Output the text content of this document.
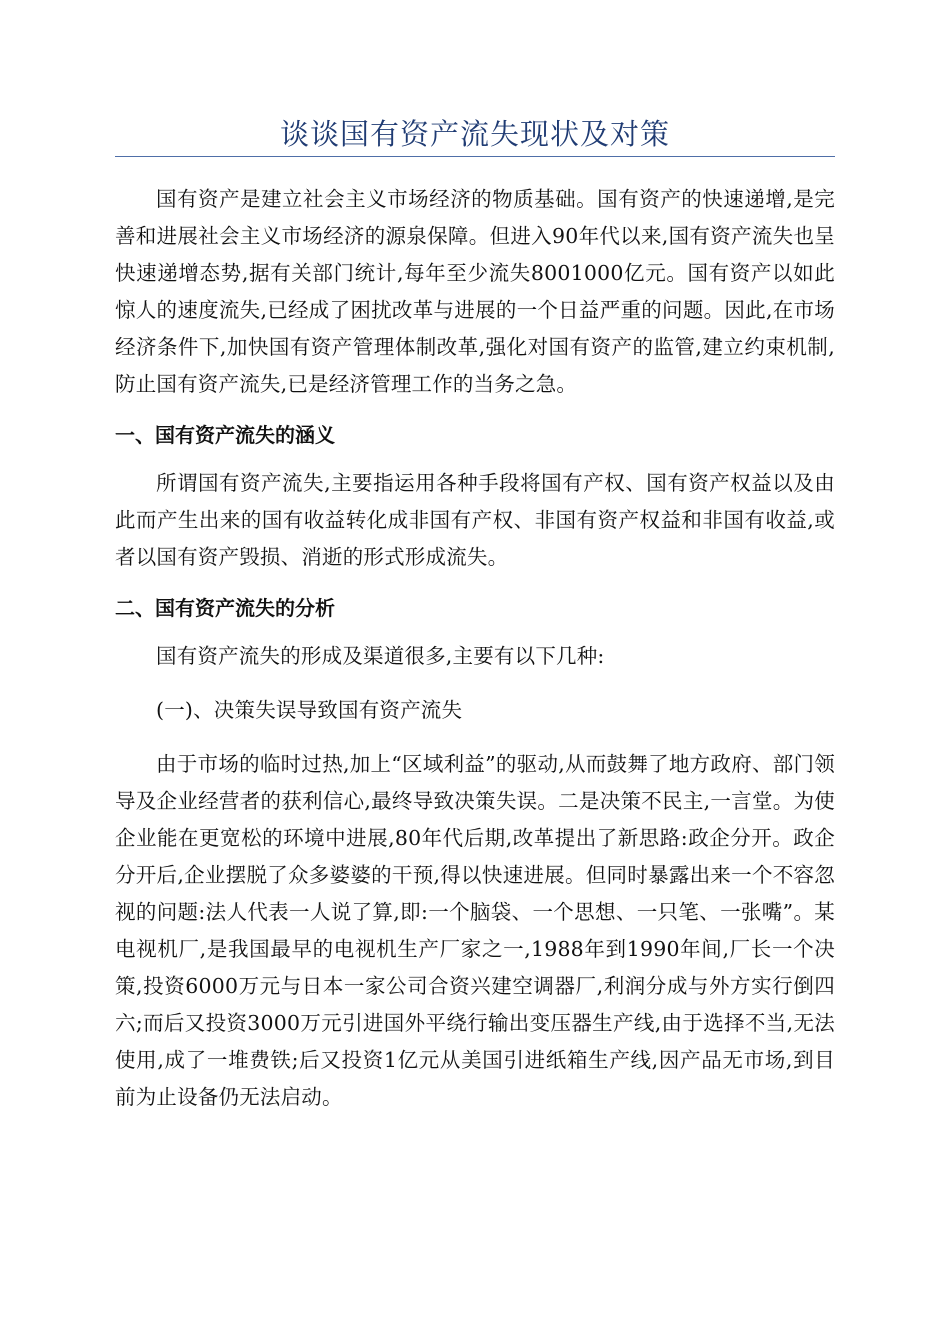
谈谈国有资产流失现状及对策

国有资产是建立社会主义市场经济的物质基础。国有资产的快速递增,是完善和进展社会主义市场经济的源泉保障。但进入90年代以来,国有资产流失也呈快速递增态势,据有关部门统计,每年至少流失8001000亿元。国有资产以如此惊人的速度流失,已经成了困扰改革与进展的一个日益严重的问题。因此,在市场经济条件下,加快国有资产管理体制改革,强化对国有资产的监管,建立约束机制,防止国有资产流失,已是经济管理工作的当务之急。

一、国有资产流失的涵义

所谓国有资产流失,主要指运用各种手段将国有产权、国有资产权益以及由此而产生出来的国有收益转化成非国有产权、非国有资产权益和非国有收益,或者以国有资产毁损、消逝的形式形成流失。

二、国有资产流失的分析

国有资产流失的形成及渠道很多,主要有以下几种:

(一)、决策失误导致国有资产流失

由于市场的临时过热,加上“区域利益”的驱动,从而鼓舞了地方政府、部门领导及企业经营者的获利信心,最终导致决策失误。二是决策不民主,一言堂。为使企业能在更宽松的环境中进展,80年代后期,改革提出了新思路:政企分开。政企分开后,企业摆脱了众多婆婆的干预,得以快速进展。但同时暴露出来一个不容忽视的问题:法人代表一人说了算,即:一个脑袋、一个思想、一只笔、一张嘴”。某电视机厂,是我国最早的电视机生产厂家之一,1988年到1990年间,厂长一个决策,投资6000万元与日本一家公司合资兴建空调器厂,利润分成与外方实行倒四六;而后又投资3000万元引进国外平绕行输出变压器生产线,由于选择不当,无法使用,成了一堆费铁;后又投资1亿元从美国引进纸箱生产线,因产品无市场,到目前为止设备仍无法启动。
